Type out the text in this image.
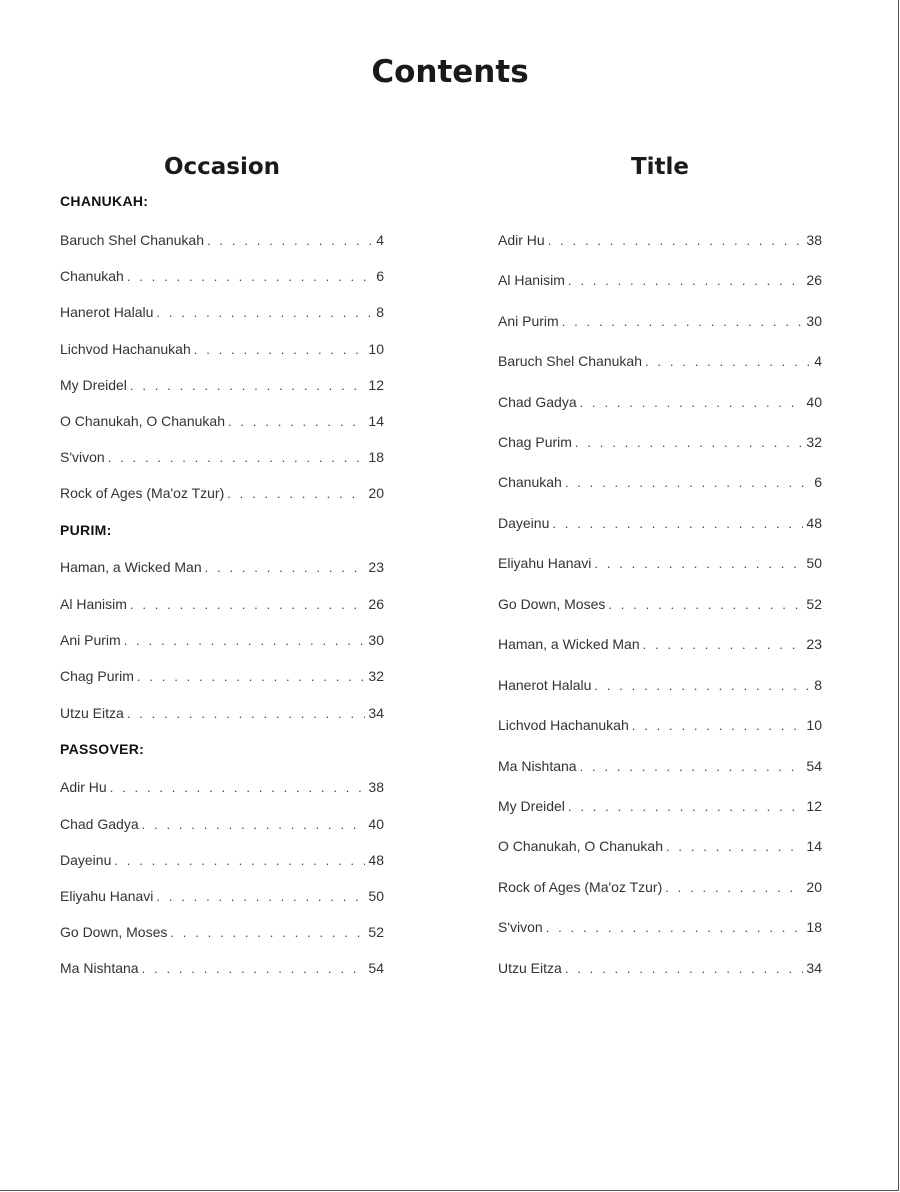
Contents
Occasion	Title
CHANUKAH:
Baruch Shel Chanukah . . .	4
Chanukah . . .	6
Hanerot Halalu . . .	8
Lichvod Hachanukah . . .	10
My Dreidel . . .	12
O Chanukah, O Chanukah . . .	14
S'vivon . . .	18
Rock of Ages (Ma'oz Tzur) . . .	20
PURIM:
Haman, a Wicked Man . . .	23
Al Hanisim . . .	26
Ani Purim . . .	30
Chag Purim . . .	32
Utzu Eitza . . .	34
PASSOVER:
Adir Hu . . .	38
Chad Gadya . . .	40
Dayeinu . . .	48
Eliyahu Hanavi . . .	50
Go Down, Moses . . .	52
Ma Nishtana . . .	54
Adir Hu . . .	38
Al Hanisim . . .	26
Ani Purim . . .	30
Baruch Shel Chanukah . . .	4
Chad Gadya . . .	40
Chag Purim . . .	32
Chanukah . . .	6
Dayeinu . . .	48
Eliyahu Hanavi . . .	50
Go Down, Moses . . .	52
Haman, a Wicked Man . . .	23
Hanerot Halalu . . .	8
Lichvod Hachanukah . . .	10
Ma Nishtana . . .	54
My Dreidel . . .	12
O Chanukah, O Chanukah . . .	14
Rock of Ages (Ma'oz Tzur) . . .	20
S'vivon . . .	18
Utzu Eitza . . .	34
